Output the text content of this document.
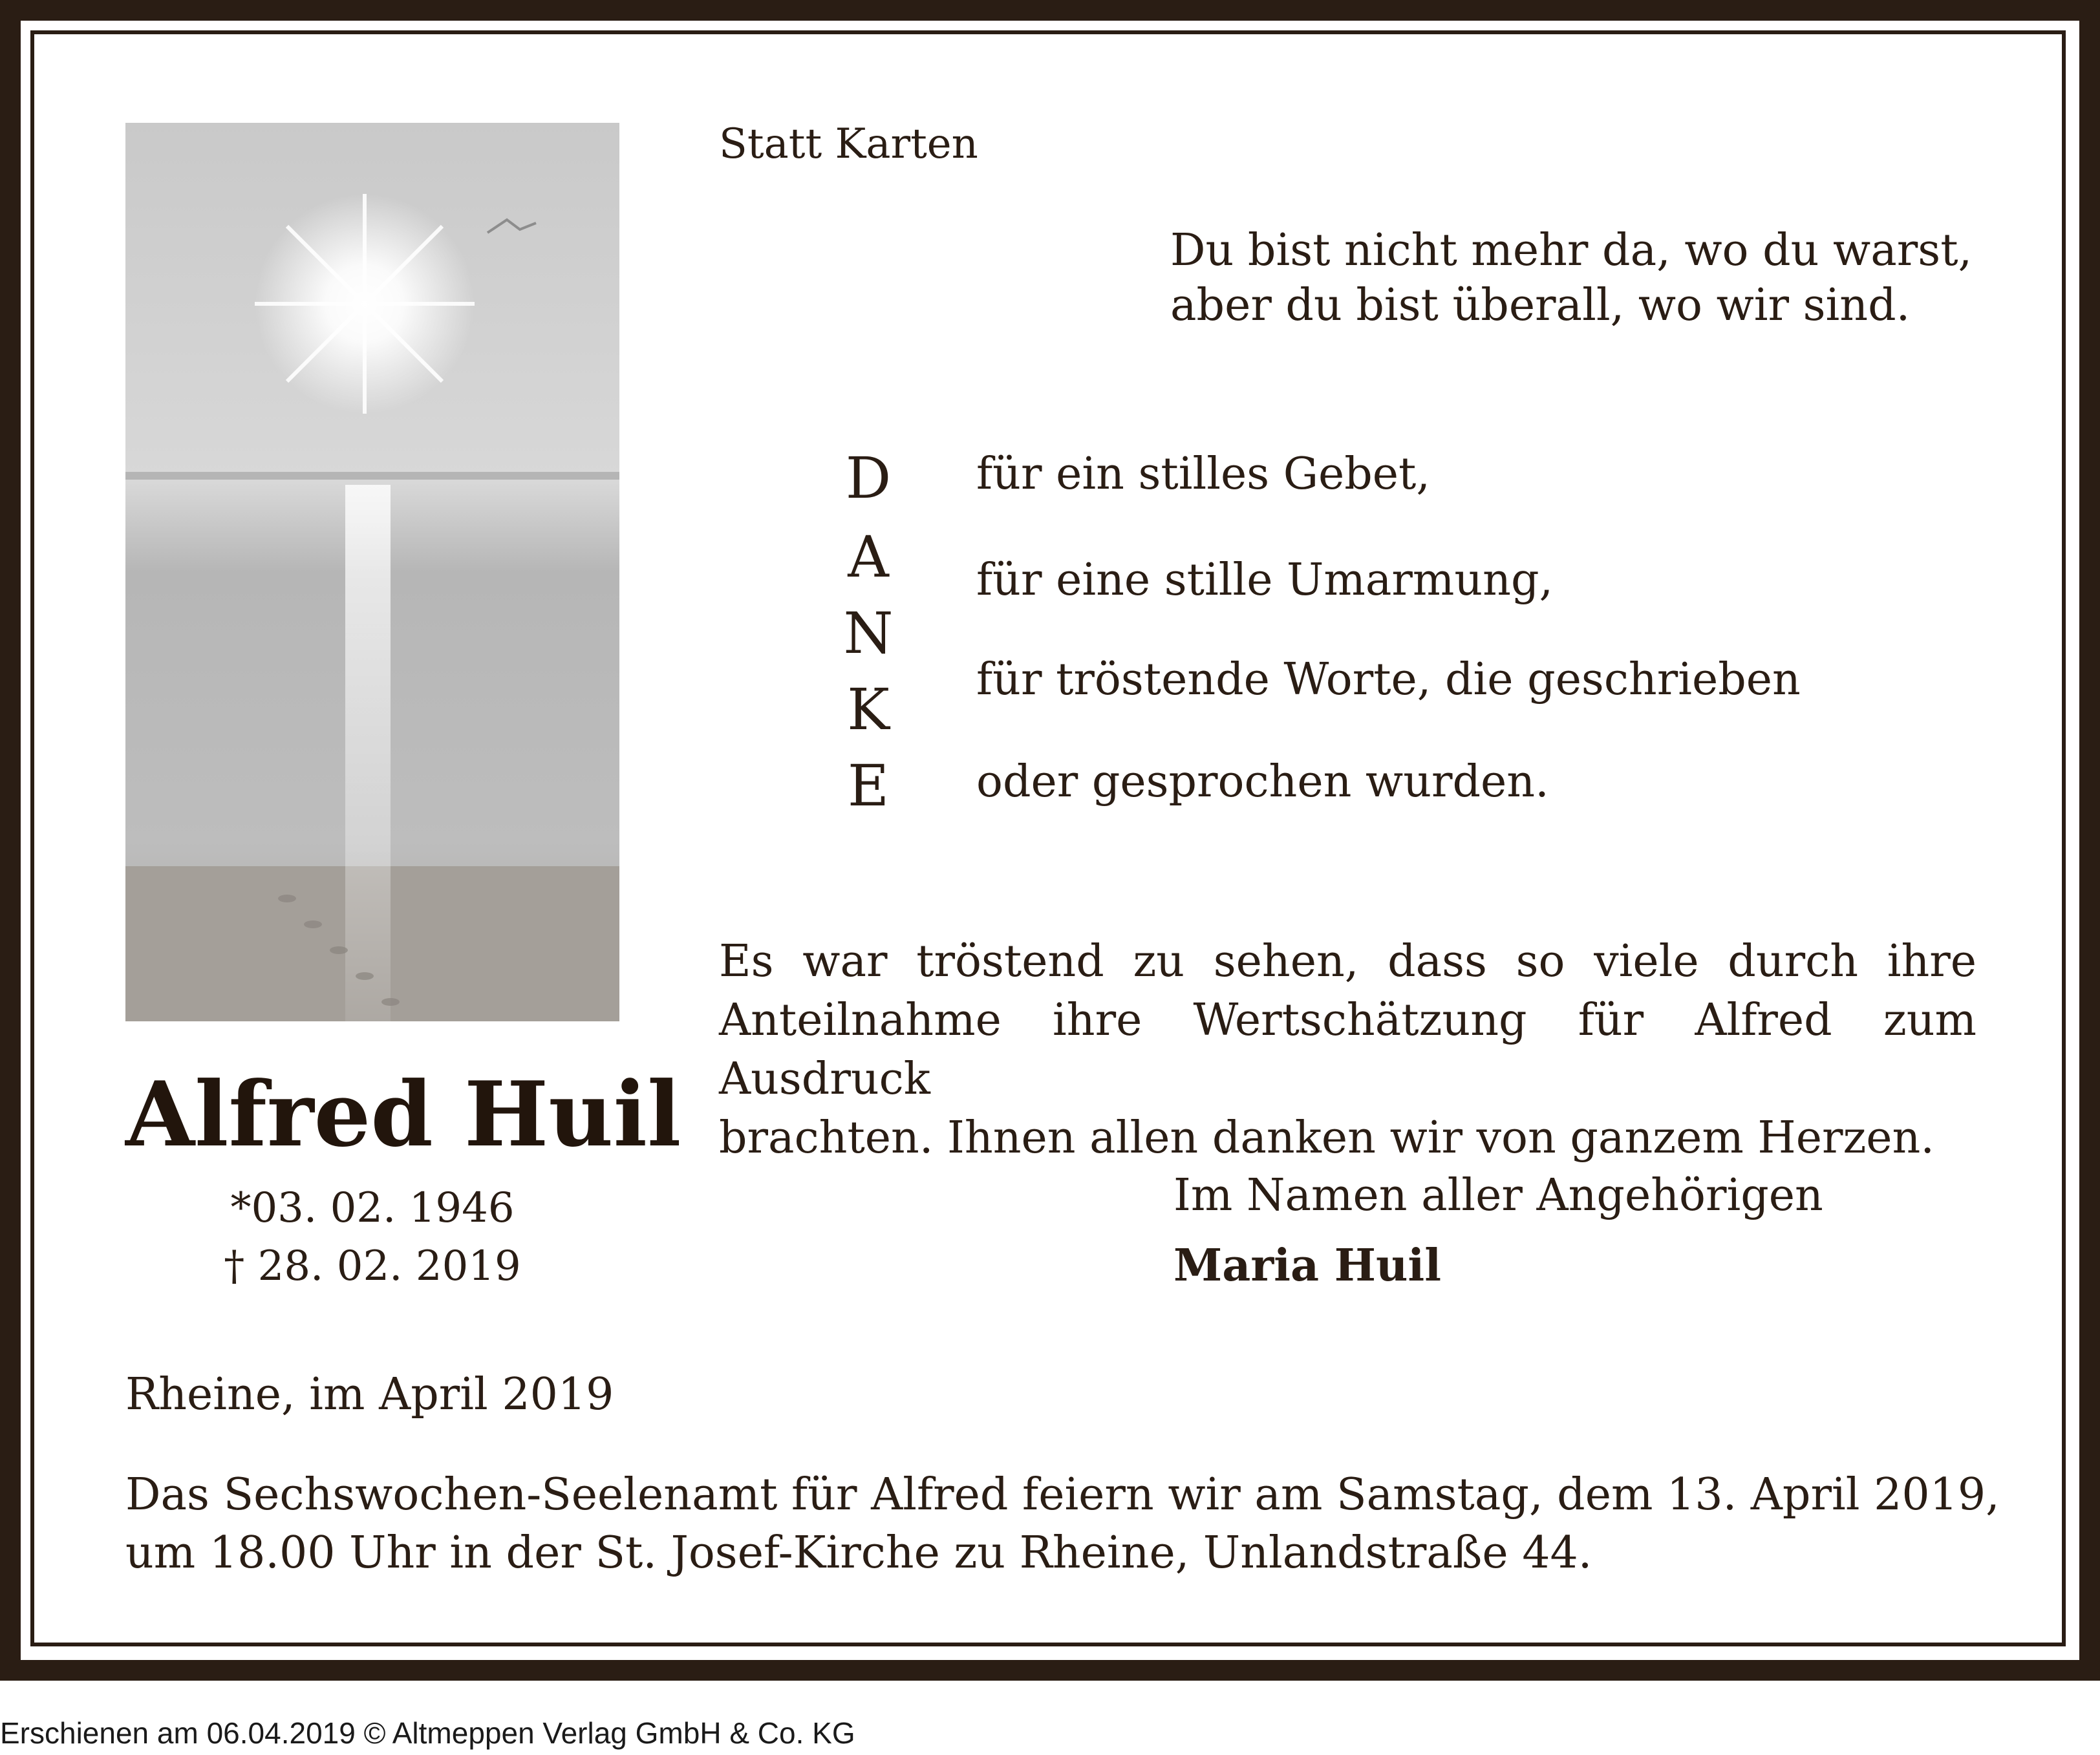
Statt Karten
Du bist nicht mehr da, wo du warst,
aber du bist überall, wo wir sind.
D
A
N
K
E
für ein stilles Gebet,
für eine stille Umarmung,
für tröstende Worte, die geschrieben
oder gesprochen wurden.
Es war tröstend zu sehen, dass so viele durch ihre
Anteilnahme ihre Wertschätzung für Alfred zum Ausdruck
brachten. Ihnen allen danken wir von ganzem Herzen.
Im Namen aller Angehörigen
Maria Huil
Alfred Huil
*03. 02. 1946
† 28. 02. 2019
Rheine, im April 2019
Das Sechswochen-Seelenamt für Alfred feiern wir am Samstag, dem 13. April 2019,
um 18.00 Uhr in der St. Josef-Kirche zu Rheine, Unlandstraße 44.
Erschienen am 06.04.2019 © Altmeppen Verlag GmbH & Co. KG
